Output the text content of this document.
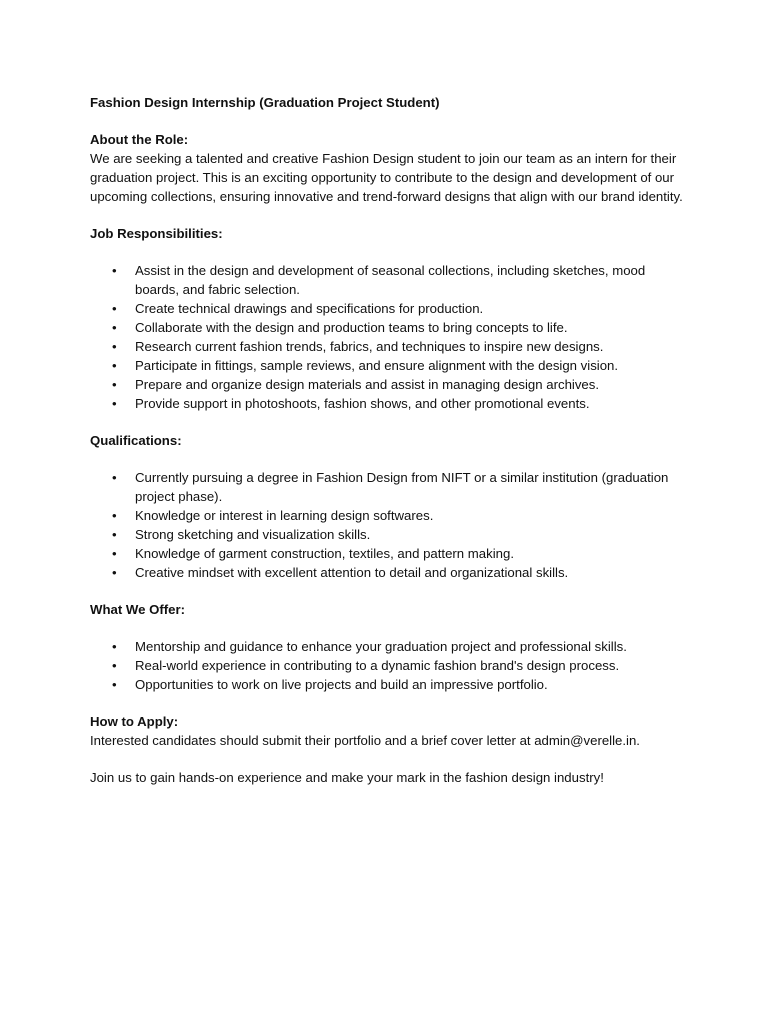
Fashion Design Internship (Graduation Project Student)

About the Role:

We are seeking a talented and creative Fashion Design student to join our team as an intern for their graduation project. This is an exciting opportunity to contribute to the design and development of our upcoming collections, ensuring innovative and trend-forward designs that align with our brand identity.

Job Responsibilities:

• Assist in the design and development of seasonal collections, including sketches, mood boards, and fabric selection.
• Create technical drawings and specifications for production.
• Collaborate with the design and production teams to bring concepts to life.
• Research current fashion trends, fabrics, and techniques to inspire new designs.
• Participate in fittings, sample reviews, and ensure alignment with the design vision.
• Prepare and organize design materials and assist in managing design archives.
• Provide support in photoshoots, fashion shows, and other promotional events.

Qualifications:

• Currently pursuing a degree in Fashion Design from NIFT or a similar institution (graduation project phase).
• Knowledge or interest in learning design softwares.
• Strong sketching and visualization skills.
• Knowledge of garment construction, textiles, and pattern making.
• Creative mindset with excellent attention to detail and organizational skills.

What We Offer:

• Mentorship and guidance to enhance your graduation project and professional skills.
• Real-world experience in contributing to a dynamic fashion brand's design process.
• Opportunities to work on live projects and build an impressive portfolio.

How to Apply:

Interested candidates should submit their portfolio and a brief cover letter at admin@verelle.in.

Join us to gain hands-on experience and make your mark in the fashion design industry!
